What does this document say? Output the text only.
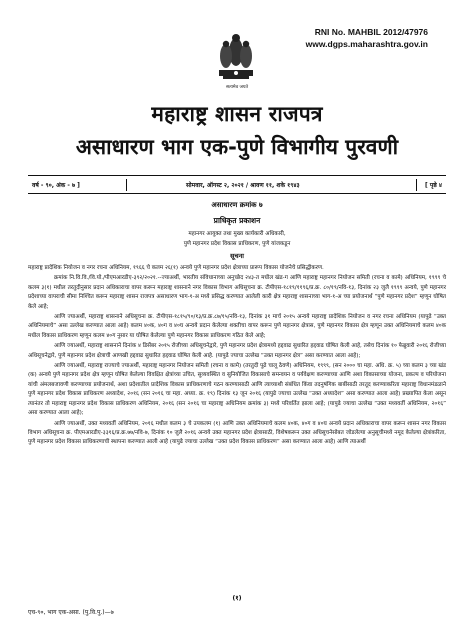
RNI No. MAHBIL 2012/47976
www.dgps.maharashtra.gov.in
सत्यमेव जयते
महाराष्ट्र शासन राजपत्र
असाधारण भाग एक-पुणे विभागीय पुरवणी
वर्ष - ९०, अंक - ७ ]	सोमवार, ऑगस्ट २, २०२१ / श्रावण ११, शके १९४३	[ पृष्ठे ४
असाधारण क्रमांक ७
प्राधिकृत प्रकाशन
महानगर आयुक्त तथा मुख्य कार्यकारी अधिकारी,
पुणे महानगर प्रदेश विकास प्राधिकरण, पुणे यांजकडून
सूचना

महाराष्ट्र प्रादेशिक नियोजन व नगर रचना अधिनियम, १९६६ चे कलम २६(१) अन्वये पुणे महानगर प्रदेश क्षेत्राच्या प्रारूप विकास योजनेचे प्रसिद्धीकरण.

क्रमांक नि.वि.वि./वि.यो./पीएमआरडीए-३९२/२०२१.--ज्याअर्थी, भारतीय संविधानाच्या अनुच्छेद २४३-त मधील खंड-ग आणि महाराष्ट्र महानगर नियोजन समिती (रचना व कामे) अधिनियम, १९९९ चे कलम ३(१) मधील तरतुदीनुसार प्रदान अधिकाराचा वापर करून महाराष्ट्र शासनाने नगर विकास विभाग अधिसूचना क्र. टीपीएस-१८१९/११९६/प्र.क्र. ८०/१९/नवि-१३, दिनांक २३ जुलै १९९९ अन्वये, पुणे महानगर प्रदेशाच्या वापराची सीमा निश्चित करून महाराष्ट्र शासन राजपत्र असाधारण भाग-१-अ मध्ये प्रसिद्ध करण्यात आलेली कारी क्षेत्र महाराष्ट्र शासनाच्या भाग-१-अ च्या प्रयोजनार्थ “पुणे महानगर प्रदेश” म्हणून घोषित केले आहे;

आणि ज्याअर्थी, महाराष्ट्र शासनाने अधिसूचना क्र. टीपीएस-१८१५/९०/१३/प्र.क्र.८७/१५/नवि-१३, दिनांक ३१ मार्च २०१५ अन्वये महाराष्ट्र प्रादेशिक नियोजन व नगर रचना अधिनियम (यापुढे “उक्त अधिनियमाचे” असा उल्लेख करण्यात आला आहे) कलम ४०क, ४०ग व ४०घ अन्वये प्रदान केलेल्या शक्तीचा वापर करून पुणे महानगर क्षेत्रास, पुणे महानगर विकास क्षेत्र म्हणून उक्त अधिनियमाचे कलम ४०क मधील विकास प्राधिकरण म्हणून कलम ४०ग नुसार या घोषित केलेल्या पुणे महानगर विकास प्राधिकरण गठित केले आहे;

आणि ज्याअर्थी, महाराष्ट्र शासनाने दिनांक ४ डिसेंबर २०१५ रोजीच्या अधिसूचनेद्वारे, पुणे महानगर प्रदेश क्षेत्रामध्ये हद्दवाढ सुधारित हद्दवाढ घोषित केली आहे, तसेच दिनांक १० फेब्रुवारी २०१६ रोजीच्या अधिसूचनेद्वारे, पुणे महानगर प्रदेश क्षेत्राची आणखी हद्दवाढ सुधारित हद्दवाढ घोषित केली आहे. (यापुढे ज्याचा उल्लेख “उक्त महानगर क्षेत्र” असा करण्यात आला आहे);

आणि ज्याअर्थी, महाराष्ट्र राज्याचे ज्याअर्थी, महाराष्ट्र महानगर नियोजन समिती (रचना व कामे) (तरतुदी पुढे चालू ठेवणे) अधिनियम, १९९९, (सन २००० चा महा. अधि. क्र. ५) च्या कलम ३ च्या खंड (क) अन्वये पुणे महानगर प्रदेश क्षेत्र म्हणून घोषित केलेल्या विवक्षित क्षेत्रांच्या उचित, सुव्यवस्थित व सुनियोजित विकासाचे समन्वयन व पर्यवेक्षण करण्याच्या आणि अशा विकासाच्या योजना, प्रकल्प व परियोजना यांची अंमलबजावणी करण्याच्या प्रयोजनार्थ, अशा प्रदेशातील प्रादेशिक विकास प्राधिकरणाचे गठन करण्यासाठी आणि त्याच्याशी संबंधित किंवा तदनुषंगिक बाबींसाठी तरतूद करण्याकरिता महाराष्ट्र विधानमंडळाने पुणे महानगर प्रदेश विकास प्राधिकरण अध्यादेश, २०१६ (सन २०१६ चा महा. अध्या. क्र. १९) दिनांक १३ जून २०१६ (यापुढे ज्याचा उल्लेख “उक्त अध्यादेश” असा करण्यात आला आहे) प्रख्यापित केला असून त्यानंतर तो महाराष्ट्र महानगर प्रदेश विकास प्राधिकरण अधिनियम, २०१६ (सन २०१६ चा महाराष्ट्र अधिनियम क्रमांक ३) मध्ये परिवर्तित झाला आहे; (यापुढे ज्याचा उल्लेख “उक्त मध्यवर्ती अधिनियम, २०१६” असा करण्यात आला आहे);

आणि ज्याअर्थी, उक्त मध्यवर्ती अधिनियम, २०१६ मधील कलम ३ चे उपकलम (१) आणि उक्त अधिनियमाचे कलम ४०क, ४०ग व ४०घ अन्वये प्रदान अधिकाराचा वापर करून शासन नगर विकास विभाग अधिसूचना क्र. पीएमआरडीए-३३१६/प्र.क्र.७७/नवि-७, दिनांक १० जुलै २०१६ अन्वये उक्त महानगर प्रदेश क्षेत्रासाठी, विशेषकरून उक्त अधिसूचनेसोबत जोडलेल्या अनुसूचीमध्ये नमूद केलेल्या क्षेत्रांकरिता, पुणे महानगर प्रदेश विकास प्राधिकरणाची स्थापना करण्यात आली आहे (यापुढे ज्याचा उल्लेख “उक्त प्रदेश विकास प्राधिकरण” असा करण्यात आला आहे) आणि त्याअर्थी

(१)
एच-९०, भाग एक-असा. (पु.वि.पु.)—७
